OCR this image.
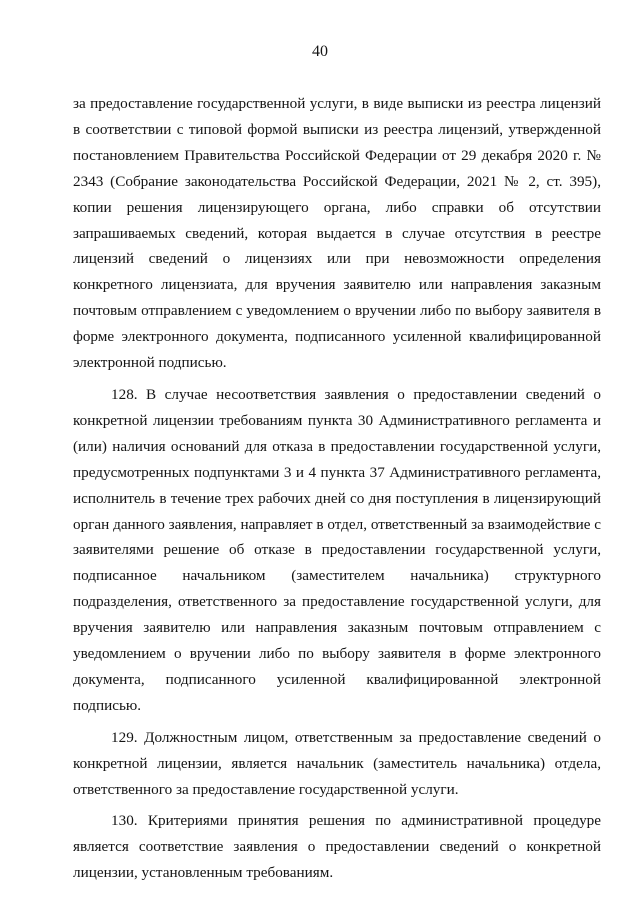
40

за предоставление государственной услуги, в виде выписки из реестра лицензий в соответствии с типовой формой выписки из реестра лицензий, утвержденной постановлением Правительства Российской Федерации от 29 декабря 2020 г. № 2343 (Собрание законодательства Российской Федерации, 2021 № 2, ст. 395), копии решения лицензирующего органа, либо справки об отсутствии запрашиваемых сведений, которая выдается в случае отсутствия в реестре лицензий сведений о лицензиях или при невозможности определения конкретного лицензиата, для вручения заявителю или направления заказным почтовым отправлением с уведомлением о вручении либо по выбору заявителя в форме электронного документа, подписанного усиленной квалифицированной электронной подписью.

128. В случае несоответствия заявления о предоставлении сведений о конкретной лицензии требованиям пункта 30 Административного регламента и (или) наличия оснований для отказа в предоставлении государственной услуги, предусмотренных подпунктами 3 и 4 пункта 37 Административного регламента, исполнитель в течение трех рабочих дней со дня поступления в лицензирующий орган данного заявления, направляет в отдел, ответственный за взаимодействие с заявителями решение об отказе в предоставлении государственной услуги, подписанное начальником (заместителем начальника) структурного подразделения, ответственного за предоставление государственной услуги, для вручения заявителю или направления заказным почтовым отправлением с уведомлением о вручении либо по выбору заявителя в форме электронного документа, подписанного усиленной квалифицированной электронной подписью.

129. Должностным лицом, ответственным за предоставление сведений о конкретной лицензии, является начальник (заместитель начальника) отдела, ответственного за предоставление государственной услуги.

130. Критериями принятия решения по административной процедуре является соответствие заявления о предоставлении сведений о конкретной лицензии, установленным требованиям.
